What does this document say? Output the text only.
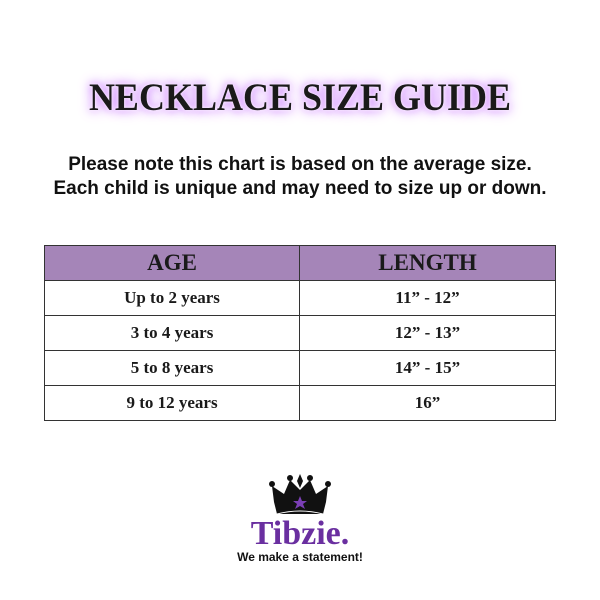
NECKLACE SIZE GUIDE
Please note this chart is based on the average size.
Each child is unique and may need to size up or down.
AGE	LENGTH
Up to 2 years	11” - 12”
3 to 4 years	12” - 13”
5 to 8 years	14” - 15”
9 to 12 years	16”
Tibzie.
We make a statement!
